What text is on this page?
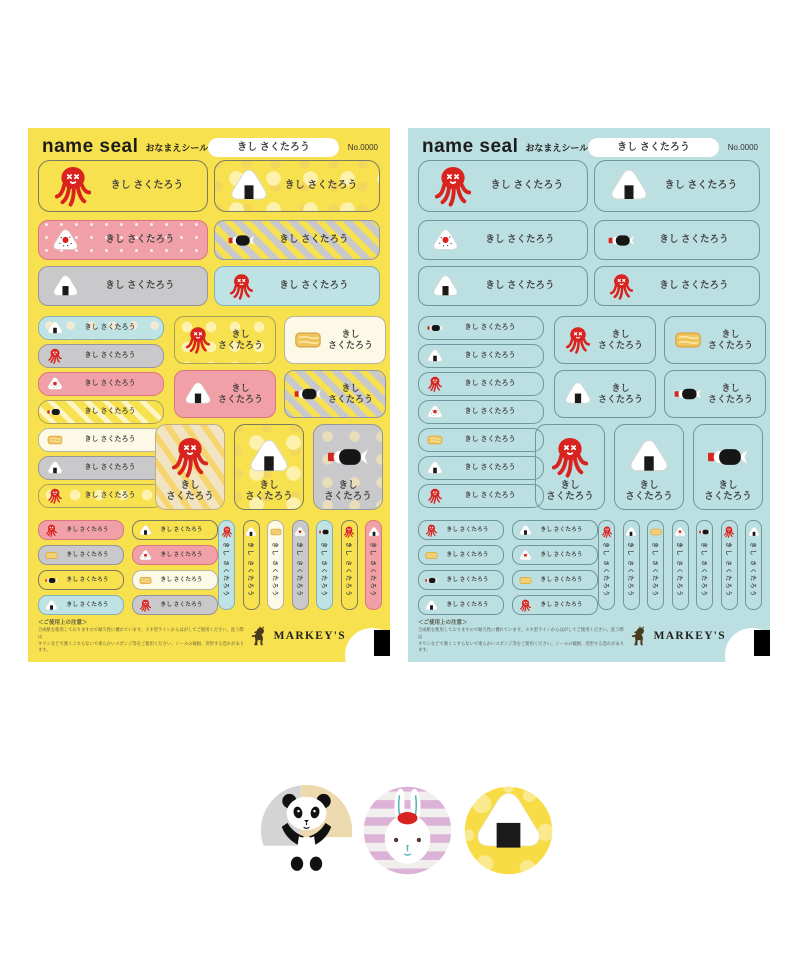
name seal おなまえシール	きし さくたろう	No.0000
きし さくたろう	きし さくたろう
きし さくたろう	きし さくたろう
きし さくたろう	きし さくたろう
きし さくたろう
きし さくたろう
きし さくたろう
きし さくたろう
きし さくたろう
きし さくたろう
きし さくたろう
きし
さくたろう
きし
さくたろう
きし
さくたろう
きし
さくたろう
きし
さくたろう
きし
さくたろう
きし
さくたろう
きし さくたろう
きし さくたろう
きし さくたろう
きし さくたろう
きし さくたろう
きし さくたろう
きし さくたろう
きし さくたろう
きし さくたろう	きし さくたろう	きし さくたろう	きし さくたろう	きし さくたろう	きし さくたろう	きし さくたろう
＜ご使用上の注意＞
合成紙を使用しておりますので耐久性に優れています。ヌキ型ラインからはがしてご使用ください。洗う際は
タワシなどで強くこすらないで柔らかいスポンジ等をご使用ください。シールの破損、変形する恐れがあります。
MARKEY'S
name seal おなまえシール	きし さくたろう	No.0000
きし さくたろう	きし さくたろう
きし さくたろう	きし さくたろう
きし さくたろう	きし さくたろう
きし さくたろう
きし さくたろう
きし さくたろう
きし さくたろう
きし さくたろう
きし さくたろう
きし さくたろう
きし
さくたろう
きし
さくたろう
きし
さくたろう
きし
さくたろう
きし
さくたろう
きし
さくたろう
きし
さくたろう
きし さくたろう
きし さくたろう
きし さくたろう
きし さくたろう
きし さくたろう
きし さくたろう
きし さくたろう
きし さくたろう
きし さくたろう	きし さくたろう	きし さくたろう	きし さくたろう	きし さくたろう	きし さくたろう	きし さくたろう
＜ご使用上の注意＞
合成紙を使用しておりますので耐久性に優れています。ヌキ型ラインからはがしてご使用ください。洗う際は
タワシなどで強くこすらないで柔らかいスポンジ等をご使用ください。シールの破損、変形する恐れがあります。
MARKEY'S
